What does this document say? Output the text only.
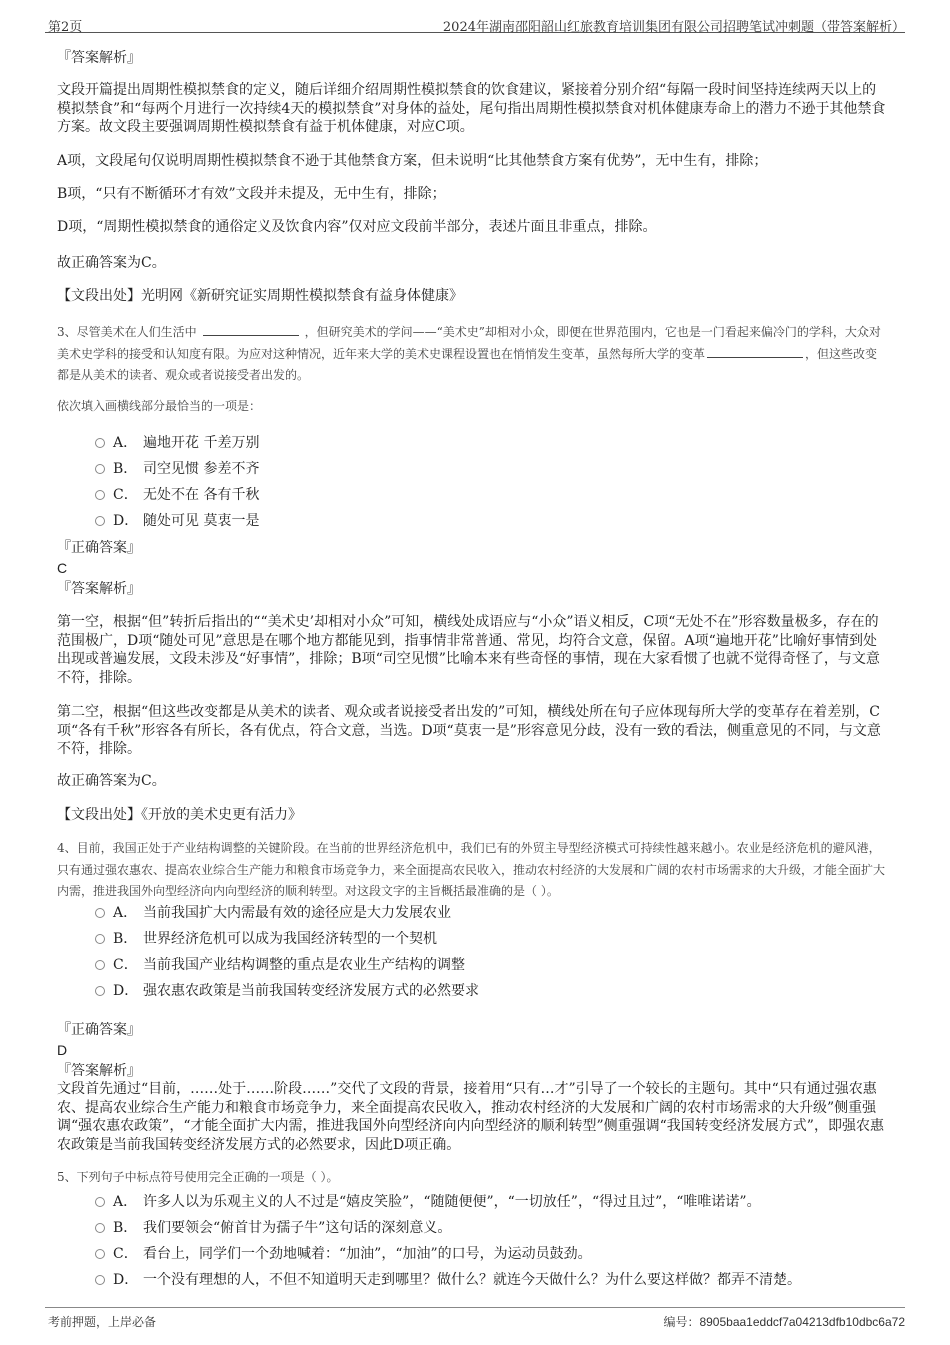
第2页	2024年湖南邵阳韶山红旅教育培训集团有限公司招聘笔试冲刺题（带答案解析）
『答案解析』
文段开篇提出周期性模拟禁食的定义，随后详细介绍周期性模拟禁食的饮食建议，紧接着分别介绍“每隔一段时间坚持连续两天以上的模拟禁食”和“每两个月进行一次持续4天的模拟禁食”对身体的益处，尾句指出周期性模拟禁食对机体健康寿命上的潜力不逊于其他禁食方案。故文段主要强调周期性模拟禁食有益于机体健康，对应C项。
A项，文段尾句仅说明周期性模拟禁食不逊于其他禁食方案，但未说明“比其他禁食方案有优势”，无中生有，排除；
B项，“只有不断循环才有效”文段并未提及，无中生有，排除；
D项，“周期性模拟禁食的通俗定义及饮食内容”仅对应文段前半部分，表述片面且非重点，排除。
故正确答案为C。
【文段出处】光明网《新研究证实周期性模拟禁食有益身体健康》
3、尽管美术在人们生活中	，但研究美术的学问——“美术史”却相对小众，即便在世界范围内，它也是一门看起来偏冷门的学科，大众对美术史学科的接受和认知度有限。为应对这种情况，近年来大学的美术史课程设置也在悄悄发生变革，虽然每所大学的变革	，但这些改变都是从美术的读者、观众或者说接受者出发的。
依次填入画横线部分最恰当的一项是：
A． 遍地开花 千差万别
B． 司空见惯 参差不齐
C． 无处不在 各有千秋
D． 随处可见 莫衷一是
『正确答案』
C
『答案解析』
第一空，根据“但”转折后指出的““美术史’却相对小众”可知，横线处成语应与“小众”语义相反，C项“无处不在”形容数量极多，存在的范围极广，D项“随处可见”意思是在哪个地方都能见到，指事情非常普通、常见，均符合文意，保留。A项“遍地开花”比喻好事情到处出现或普遍发展，文段未涉及“好事情”，排除；B项“司空见惯”比喻本来有些奇怪的事情，现在大家看惯了也就不觉得奇怪了，与文意不符，排除。
第二空，根据“但这些改变都是从美术的读者、观众或者说接受者出发的”可知，横线处所在句子应体现每所大学的变革存在着差别，C项“各有千秋”形容各有所长，各有优点，符合文意，当选。D项“莫衷一是”形容意见分歧，没有一致的看法，侧重意见的不同，与文意不符，排除。
故正确答案为C。
【文段出处】《开放的美术史更有活力》
4、目前，我国正处于产业结构调整的关键阶段。在当前的世界经济危机中，我们已有的外贸主导型经济模式可持续性越来越小。农业是经济危机的避风港，只有通过强农惠农、提高农业综合生产能力和粮食市场竞争力，来全面提高农民收入，推动农村经济的大发展和广阔的农村市场需求的大升级，才能全面扩大内需，推进我国外向型经济向内向型经济的顺利转型。对这段文字的主旨概括最准确的是（ ）。
A． 当前我国扩大内需最有效的途径应是大力发展农业
B． 世界经济危机可以成为我国经济转型的一个契机
C． 当前我国产业结构调整的重点是农业生产结构的调整
D． 强农惠农政策是当前我国转变经济发展方式的必然要求
『正确答案』
D
『答案解析』
文段首先通过“目前，……处于……阶段……”交代了文段的背景，接着用“只有…才”引导了一个较长的主题句。其中“只有通过强农惠农、提高农业综合生产能力和粮食市场竞争力，来全面提高农民收入，推动农村经济的大发展和广阔的农村市场需求的大升级”侧重强调“强农惠农政策”，“才能全面扩大内需，推进我国外向型经济向内向型经济的顺利转型”侧重强调“我国转变经济发展方式”，即强农惠农政策是当前我国转变经济发展方式的必然要求，因此D项正确。
5、下列句子中标点符号使用完全正确的一项是（ ）。
A． 许多人以为乐观主义的人不过是“嬉皮笑脸”，“随随便便”，“一切放任”，“得过且过”，“唯唯诺诺”。
B． 我们要领会“俯首甘为孺子牛”这句话的深刻意义。
C． 看台上，同学们一个劲地喊着：“加油”，“加油”的口号，为运动员鼓劲。
D． 一个没有理想的人，不但不知道明天走到哪里？做什么？就连今天做什么？为什么要这样做？都弄不清楚。
考前押题，上岸必备	编号：8905baa1eddcf7a04213dfb10dbc6a72
